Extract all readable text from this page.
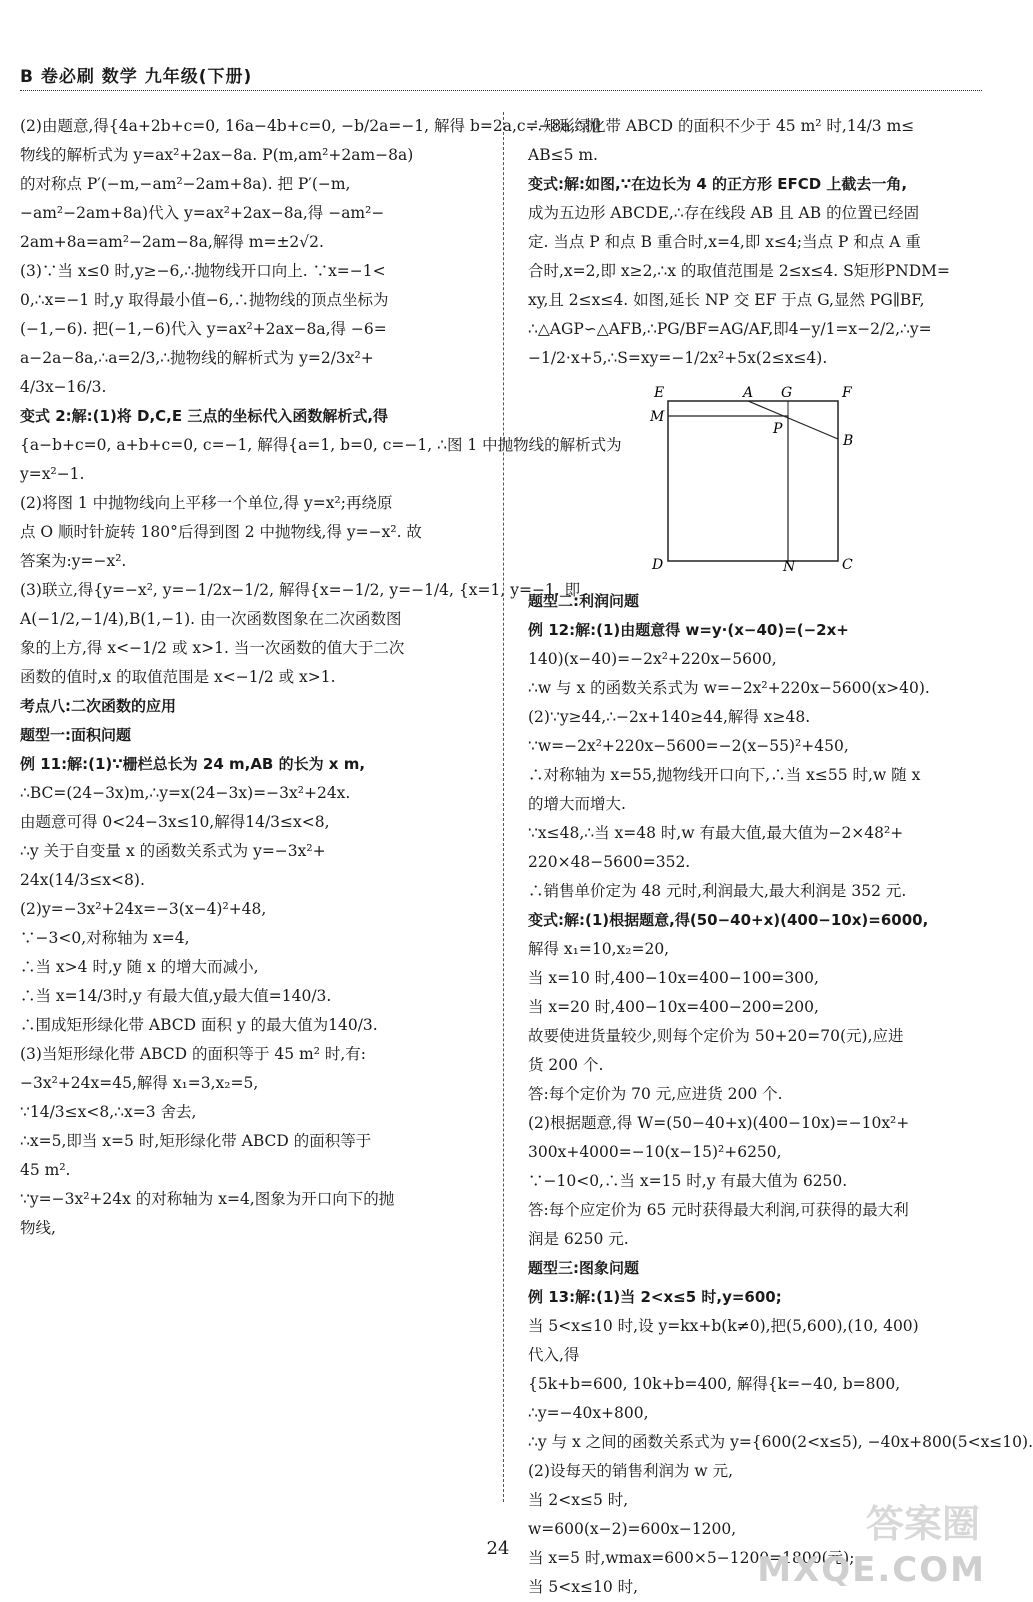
B 卷必刷 数学 九年级(下册)
(2)由题意,得{4a+2b+c=0, 16a−4b+c=0, −b/2a=−1, 解得 b=2a,c=−8a,∴抛
物线的解析式为 y=ax²+2ax−8a. P(m,am²+2am−8a)
的对称点 P′(−m,−am²−2am+8a). 把 P′(−m,
−am²−2am+8a)代入 y=ax²+2ax−8a,得 −am²−
2am+8a=am²−2am−8a,解得 m=±2√2.
(3)∵当 x≤0 时,y≥−6,∴抛物线开口向上. ∵x=−1<
0,∴x=−1 时,y 取得最小值−6,∴抛物线的顶点坐标为
(−1,−6). 把(−1,−6)代入 y=ax²+2ax−8a,得 −6=
a−2a−8a,∴a=2/3,∴抛物线的解析式为 y=2/3x²+
4/3x−16/3.
变式 2:解:(1)将 D,C,E 三点的坐标代入函数解析式,得
{a−b+c=0, a+b+c=0, c=−1, 解得{a=1, b=0, c=−1, ∴图 1 中抛物线的解析式为
y=x²−1.
(2)将图 1 中抛物线向上平移一个单位,得 y=x²;再绕原
点 O 顺时针旋转 180°后得到图 2 中抛物线,得 y=−x². 故
答案为:y=−x².
(3)联立,得{y=−x², y=−1/2x−1/2, 解得{x=−1/2, y=−1/4, {x=1, y=−1, 即
A(−1/2,−1/4),B(1,−1). 由一次函数图象在二次函数图
象的上方,得 x<−1/2 或 x>1. 当一次函数的值大于二次
函数的值时,x 的取值范围是 x<−1/2 或 x>1.
考点八:二次函数的应用
题型一:面积问题
例 11:解:(1)∵栅栏总长为 24 m,AB 的长为 x m,
∴BC=(24−3x)m,∴y=x(24−3x)=−3x²+24x.
由题意可得 0<24−3x≤10,解得14/3≤x<8,
∴y 关于自变量 x 的函数关系式为 y=−3x²+
24x(14/3≤x<8).
(2)y=−3x²+24x=−3(x−4)²+48,
∵−3<0,对称轴为 x=4,
∴当 x>4 时,y 随 x 的增大而减小,
∴当 x=14/3时,y 有最大值,y最大值=140/3.
∴围成矩形绿化带 ABCD 面积 y 的最大值为140/3.
(3)当矩形绿化带 ABCD 的面积等于 45 m² 时,有:
−3x²+24x=45,解得 x₁=3,x₂=5,
∵14/3≤x<8,∴x=3 舍去,
∴x=5,即当 x=5 时,矩形绿化带 ABCD 的面积等于
45 m².
∵y=−3x²+24x 的对称轴为 x=4,图象为开口向下的抛
物线,
∴矩形绿化带 ABCD 的面积不少于 45 m² 时,14/3 m≤
AB≤5 m.
变式:解:如图,∵在边长为 4 的正方形 EFCD 上截去一角,
成为五边形 ABCDE,∴存在线段 AB 且 AB 的位置已经固
定. 当点 P 和点 B 重合时,x=4,即 x≤4;当点 P 和点 A 重
合时,x=2,即 x≥2,∴x 的取值范围是 2≤x≤4. S矩形PNDM=
xy,且 2≤x≤4. 如图,延长 NP 交 EF 于点 G,显然 PG∥BF,
∴△AGP∽△AFB,∴PG/BF=AG/AF,即4−y/1=x−2/2,∴y=
−1/2·x+5,∴S=xy=−1/2x²+5x(2≤x≤4).
E	A G	F
M
P
B
D	N	C
题型二:利润问题
例 12:解:(1)由题意得 w=y·(x−40)=(−2x+
140)(x−40)=−2x²+220x−5600,
∴w 与 x 的函数关系式为 w=−2x²+220x−5600(x>40).
(2)∵y≥44,∴−2x+140≥44,解得 x≥48.
∵w=−2x²+220x−5600=−2(x−55)²+450,
∴对称轴为 x=55,抛物线开口向下,∴当 x≤55 时,w 随 x
的增大而增大.
∵x≤48,∴当 x=48 时,w 有最大值,最大值为−2×48²+
220×48−5600=352.
∴销售单价定为 48 元时,利润最大,最大利润是 352 元.
变式:解:(1)根据题意,得(50−40+x)(400−10x)=6000,
解得 x₁=10,x₂=20,
当 x=10 时,400−10x=400−100=300,
当 x=20 时,400−10x=400−200=200,
故要使进货量较少,则每个定价为 50+20=70(元),应进
货 200 个.
答:每个定价为 70 元,应进货 200 个.
(2)根据题意,得 W=(50−40+x)(400−10x)=−10x²+
300x+4000=−10(x−15)²+6250,
∵−10<0,∴当 x=15 时,y 有最大值为 6250.
答:每个应定价为 65 元时获得最大利润,可获得的最大利
润是 6250 元.
题型三:图象问题
例 13:解:(1)当 2<x≤5 时,y=600;
当 5<x≤10 时,设 y=kx+b(k≠0),把(5,600),(10, 400)
代入,得
{5k+b=600, 10k+b=400, 解得{k=−40, b=800,
∴y=−40x+800,
∴y 与 x 之间的函数关系式为 y={600(2<x≤5), −40x+800(5<x≤10).
(2)设每天的销售利润为 w 元,
当 2<x≤5 时,
w=600(x−2)=600x−1200,
当 x=5 时,wmax=600×5−1200=1800(元);
当 5<x≤10 时,
24
答案圈
MXQE.COM
